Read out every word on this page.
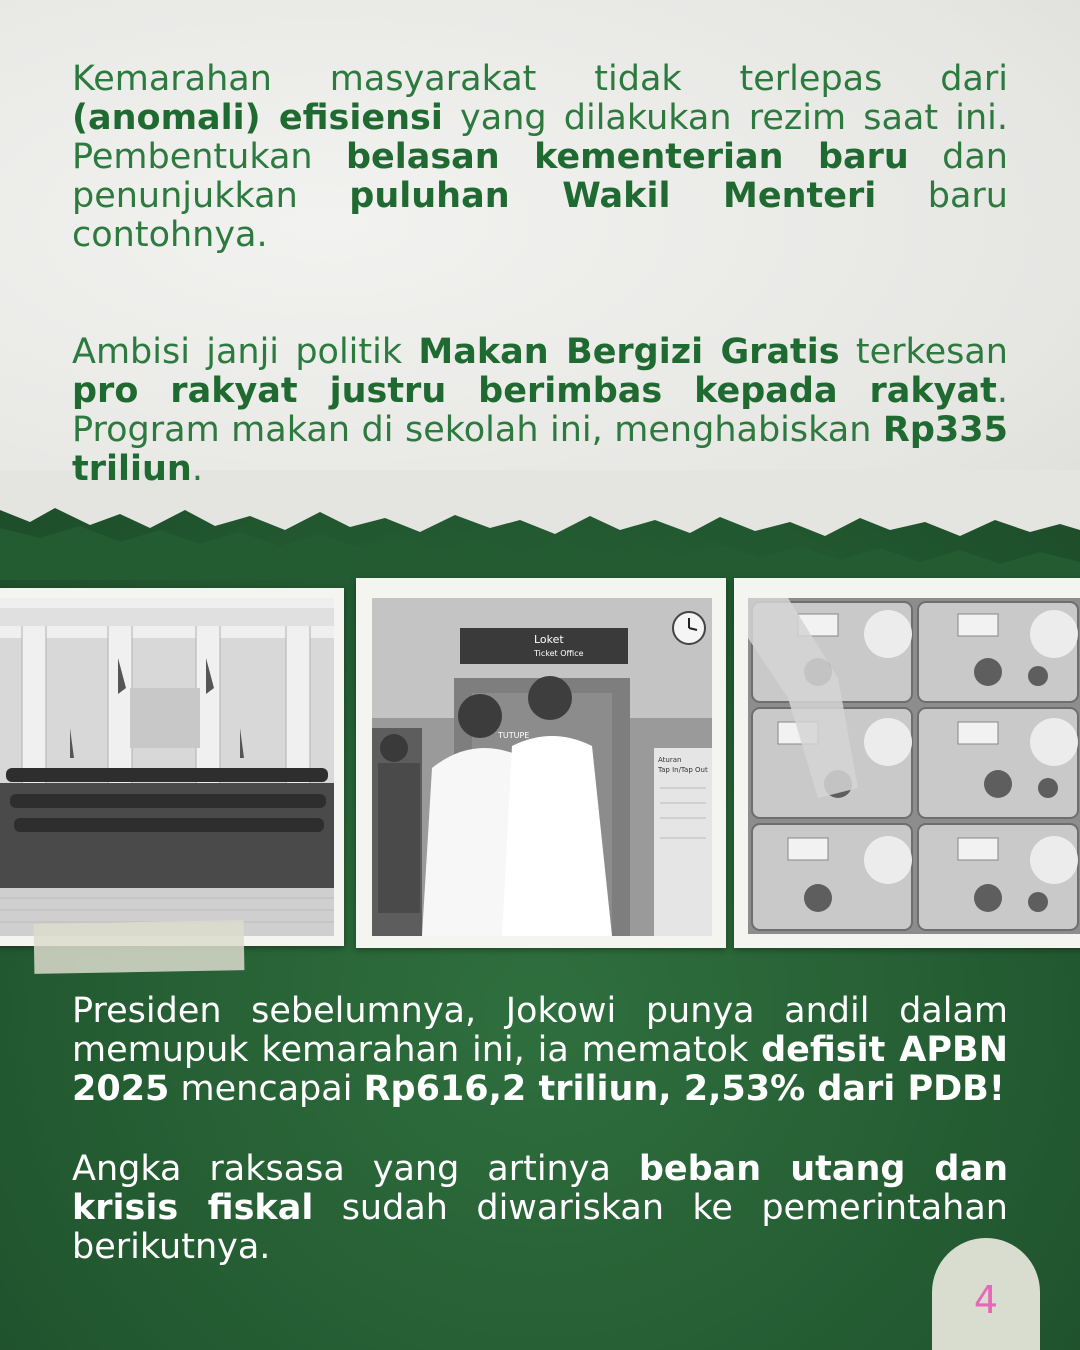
Kemarahan masyarakat tidak terlepas dari (anomali) efisiensi yang dilakukan rezim saat ini. Pembentukan belasan kementerian baru dan penunjukkan puluhan Wakil Menteri baru contohnya.

Ambisi janji politik Makan Bergizi Gratis terkesan pro rakyat justru berimbas kepada rakyat. Program makan di sekolah ini, menghabiskan Rp335 triliun.

Loket
Ticket Office
TUTUPE
Aturan
Tap In/Tap Out

Presiden sebelumnya, Jokowi punya andil dalam memupuk kemarahan ini, ia mematok defisit APBN 2025 mencapai Rp616,2 triliun, 2,53% dari PDB!

Angka raksasa yang artinya beban utang dan krisis fiskal sudah diwariskan ke pemerintahan berikutnya.

4
